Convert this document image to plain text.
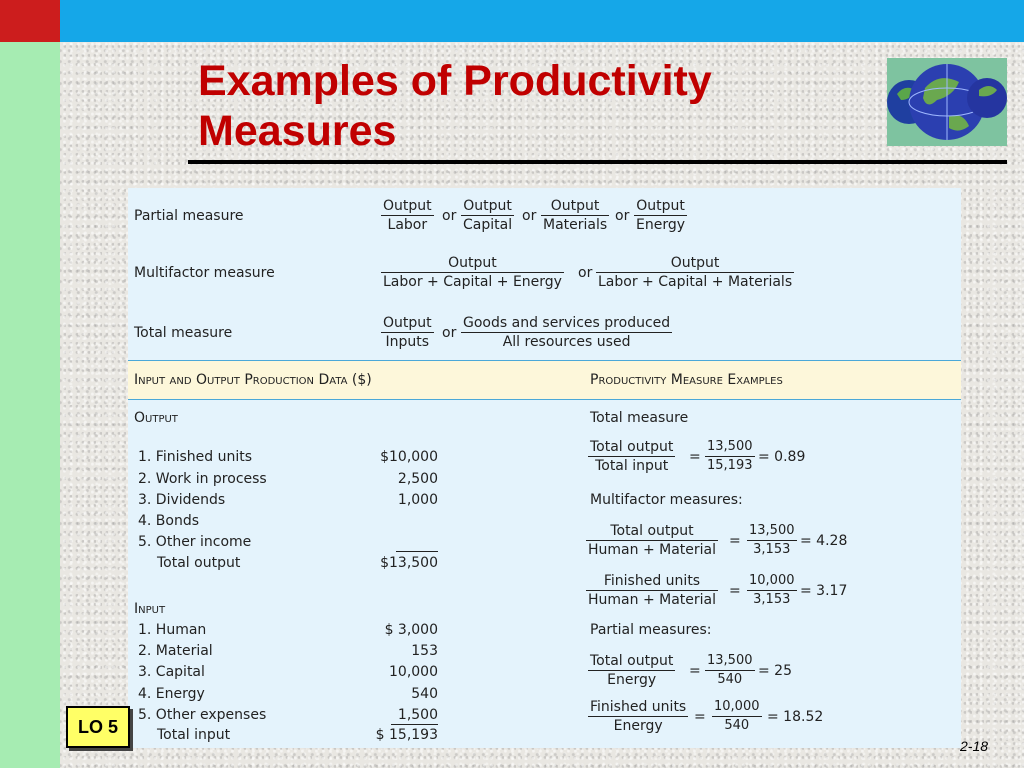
Examples of Productivity
Measures
Partial measure
Output
Labor
or
Output
Capital
or
Output
Materials
or
Output
Energy
Multifactor measure
Output
Labor + Capital + Energy
or
Output
Labor + Capital + Materials
Total measure
Output
Inputs
or
Goods and services produced
All resources used
Input and Output Production Data ($)	Productivity Measure Examples
Output
1. Finished units	$10,000
2. Work in process	2,500
3. Dividends	1,000
4. Bonds
5. Other income
Total output	$13,500
Input
1. Human	$ 3,000
2. Material	153
3. Capital	10,000
4. Energy	540
5. Other expenses	1,500
Total input	$ 15,193
Total measure
Total output
Total input
= $\frac{13,500}{15,193} = 0.89$
Multifactor measures:
Total output
Human + Material
= $\frac{13,500}{3,153} = 4.28$
Finished units
Human + Material
= $\frac{10,000}{3,153} = 3.17$
Partial measures:
Total output
Energy
= $\frac{13,500}{540} = 25$
Finished units
Energy
= $\frac{10,000}{540} = 18.52$
LO 5
2-18
